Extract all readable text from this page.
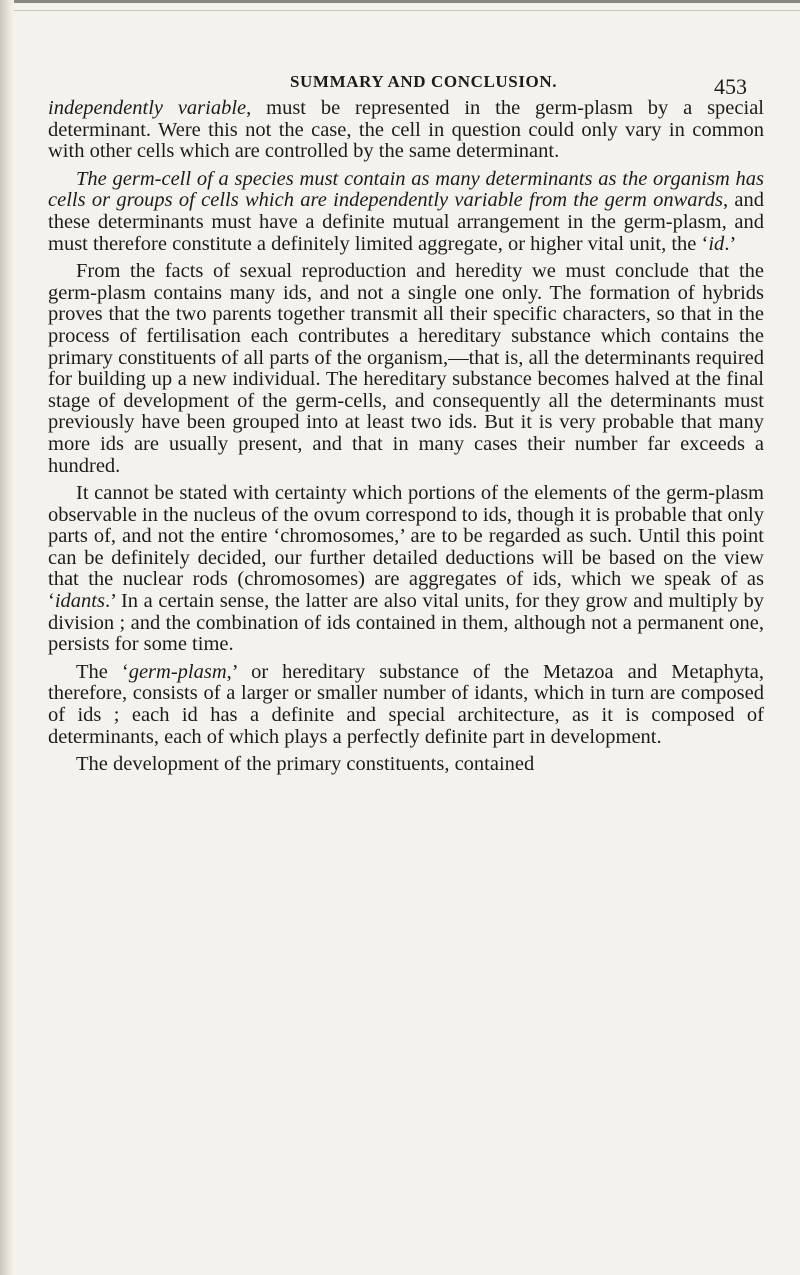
SUMMARY AND CONCLUSION.	453

independently variable, must be represented in the germ-plasm by a special determinant. Were this not the case, the cell in question could only vary in common with other cells which are controlled by the same determinant.

The germ-cell of a species must contain as many determinants as the organism has cells or groups of cells which are independently variable from the germ onwards, and these determinants must have a definite mutual arrangement in the germ-plasm, and must therefore constitute a definitely limited aggregate, or higher vital unit, the ‘id.’

From the facts of sexual reproduction and heredity we must conclude that the germ-plasm contains many ids, and not a single one only. The formation of hybrids proves that the two parents together transmit all their specific characters, so that in the process of fertilisation each contributes a hereditary substance which contains the primary constituents of all parts of the organism,—that is, all the determinants required for building up a new individual. The hereditary substance becomes halved at the final stage of development of the germ-cells, and consequently all the determinants must previously have been grouped into at least two ids. But it is very probable that many more ids are usually present, and that in many cases their number far exceeds a hundred.

It cannot be stated with certainty which portions of the elements of the germ-plasm observable in the nucleus of the ovum correspond to ids, though it is probable that only parts of, and not the entire ‘chromosomes,’ are to be regarded as such. Until this point can be definitely decided, our further detailed deductions will be based on the view that the nuclear rods (chromosomes) are aggregates of ids, which we speak of as ‘idants.’ In a certain sense, the latter are also vital units, for they grow and multiply by division ; and the combination of ids contained in them, although not a permanent one, persists for some time.

The ‘germ-plasm,’ or hereditary substance of the Metazoa and Metaphyta, therefore, consists of a larger or smaller number of idants, which in turn are composed of ids ; each id has a definite and special architecture, as it is composed of determinants, each of which plays a perfectly definite part in development.

The development of the primary constituents, contained
